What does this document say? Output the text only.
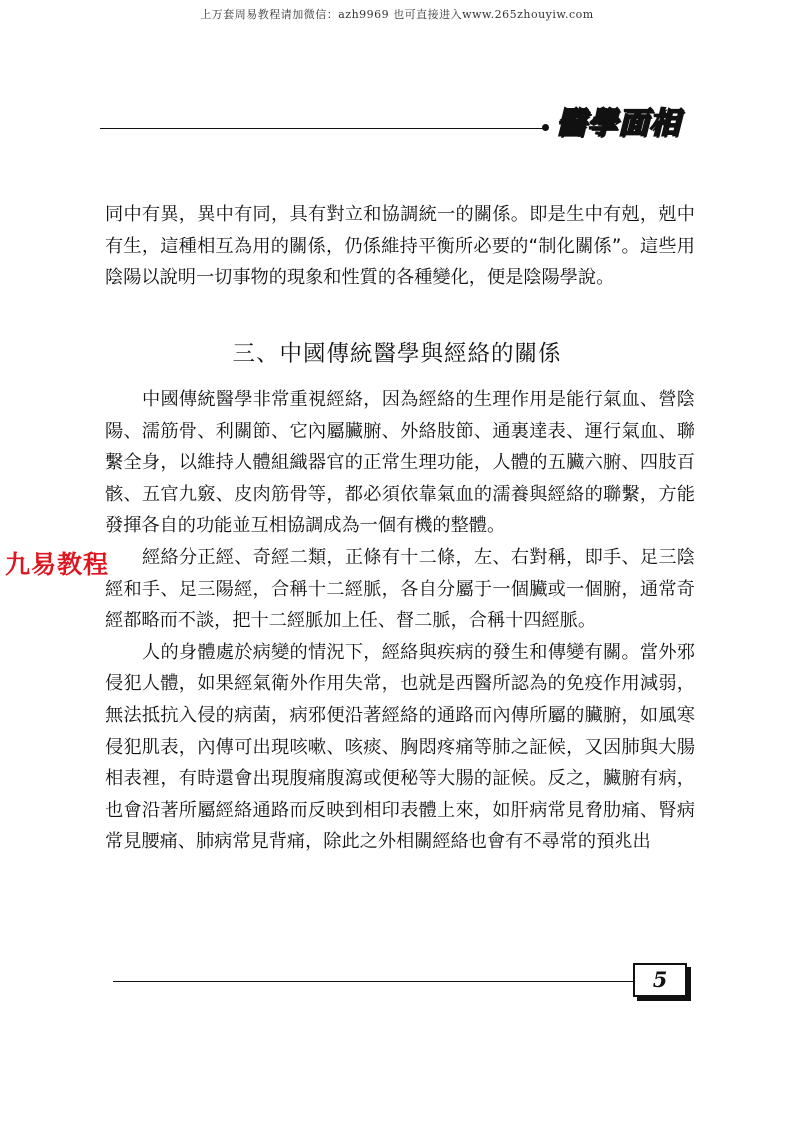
上万套周易教程请加微信：azh9969 也可直接进入www.265zhouyiw.com
醫學面相

同中有異，異中有同，具有對立和協調統一的關係。即是生中有剋，剋中有生，這種相互為用的關係，仍係維持平衡所必要的“制化關係”。這些用陰陽以說明一切事物的現象和性質的各種變化，便是陰陽學說。

三、中國傳統醫學與經絡的關係

中國傳統醫學非常重視經絡，因為經絡的生理作用是能行氣血、營陰陽、濡筋骨、利關節、它內屬臟腑、外絡肢節、通裏達表、運行氣血、聯繫全身，以維持人體組織器官的正常生理功能，人體的五臟六腑、四肢百骸、五官九竅、皮肉筋骨等，都必須依靠氣血的濡養與經絡的聯繫，方能發揮各自的功能並互相協調成為一個有機的整體。

經絡分正經、奇經二類，正條有十二條，左、右對稱，即手、足三陰經和手、足三陽經，合稱十二經脈，各自分屬于一個臟或一個腑，通常奇經都略而不談，把十二經脈加上任、督二脈，合稱十四經脈。

人的身體處於病變的情況下，經絡與疾病的發生和傳變有關。當外邪侵犯人體，如果經氣衛外作用失常，也就是西醫所認為的免疫作用減弱，無法抵抗入侵的病菌，病邪便沿著經絡的通路而內傳所屬的臟腑，如風寒侵犯肌表，內傳可出現咳嗽、咳痰、胸悶疼痛等肺之証候，又因肺與大腸相表裡，有時還會出現腹痛腹瀉或便秘等大腸的証候。反之，臟腑有病，也會沿著所屬經絡通路而反映到相印表體上來，如肝病常見脅肋痛、腎病常見腰痛、肺病常見背痛，除此之外相關經絡也會有不尋常的預兆出

九易教程
5
